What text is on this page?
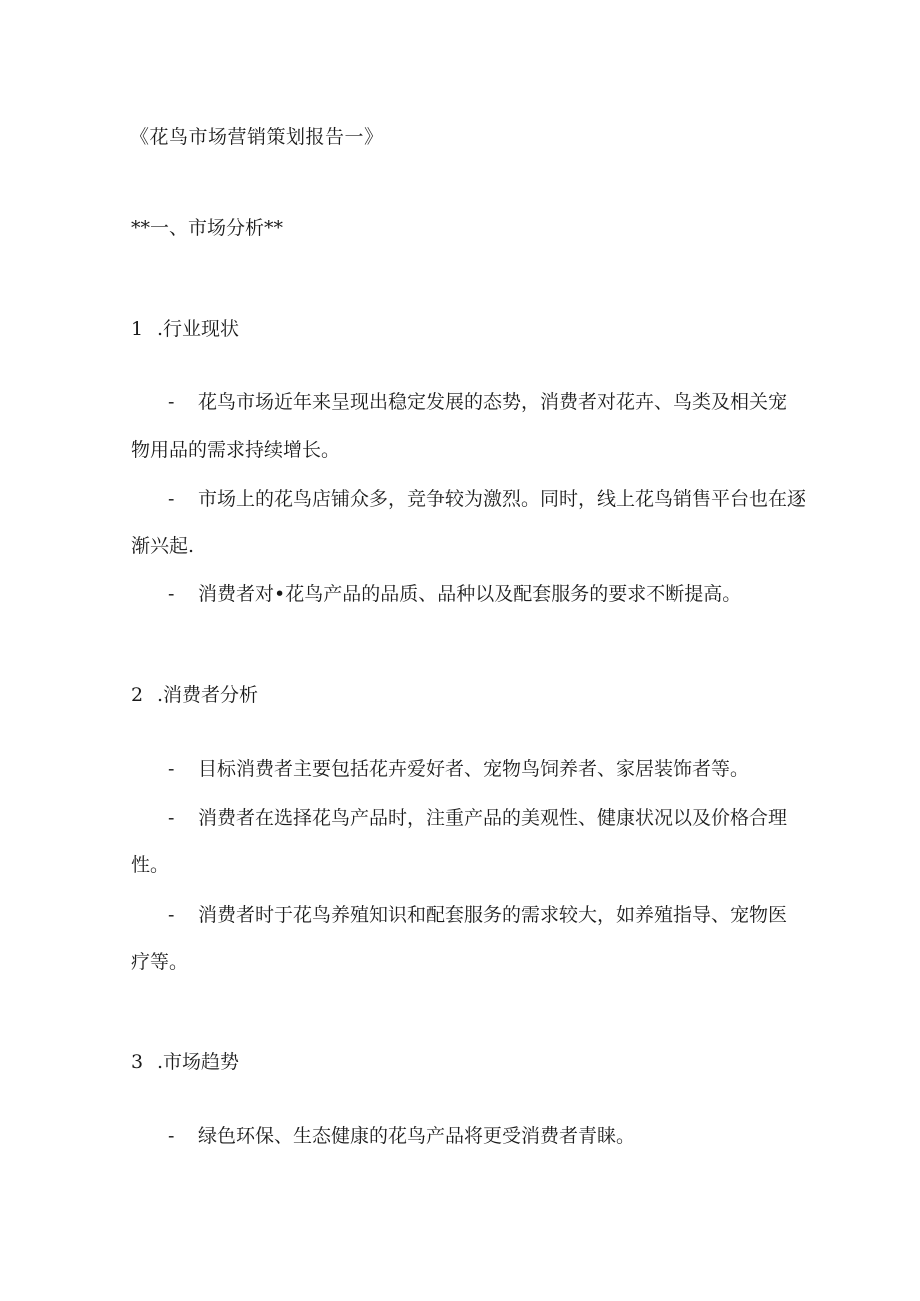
《花鸟市场营销策划报告一》
**一、市场分析**
1 .行业现状
- 花鸟市场近年来呈现出稳定发展的态势，消费者对花卉、鸟类及相关宠
物用品的需求持续增长。
- 市场上的花鸟店铺众多，竞争较为激烈。同时，线上花鸟销售平台也在逐
渐兴起.
- 消费者对•花鸟产品的品质、品种以及配套服务的要求不断提高。
2 .消费者分析
- 目标消费者主要包括花卉爱好者、宠物鸟饲养者、家居装饰者等。
- 消费者在选择花鸟产品时，注重产品的美观性、健康状况以及价格合理
性。
- 消费者时于花鸟养殖知识和配套服务的需求较大，如养殖指导、宠物医
疗等。
3 .市场趋势
- 绿色环保、生态健康的花鸟产品将更受消费者青睐。
